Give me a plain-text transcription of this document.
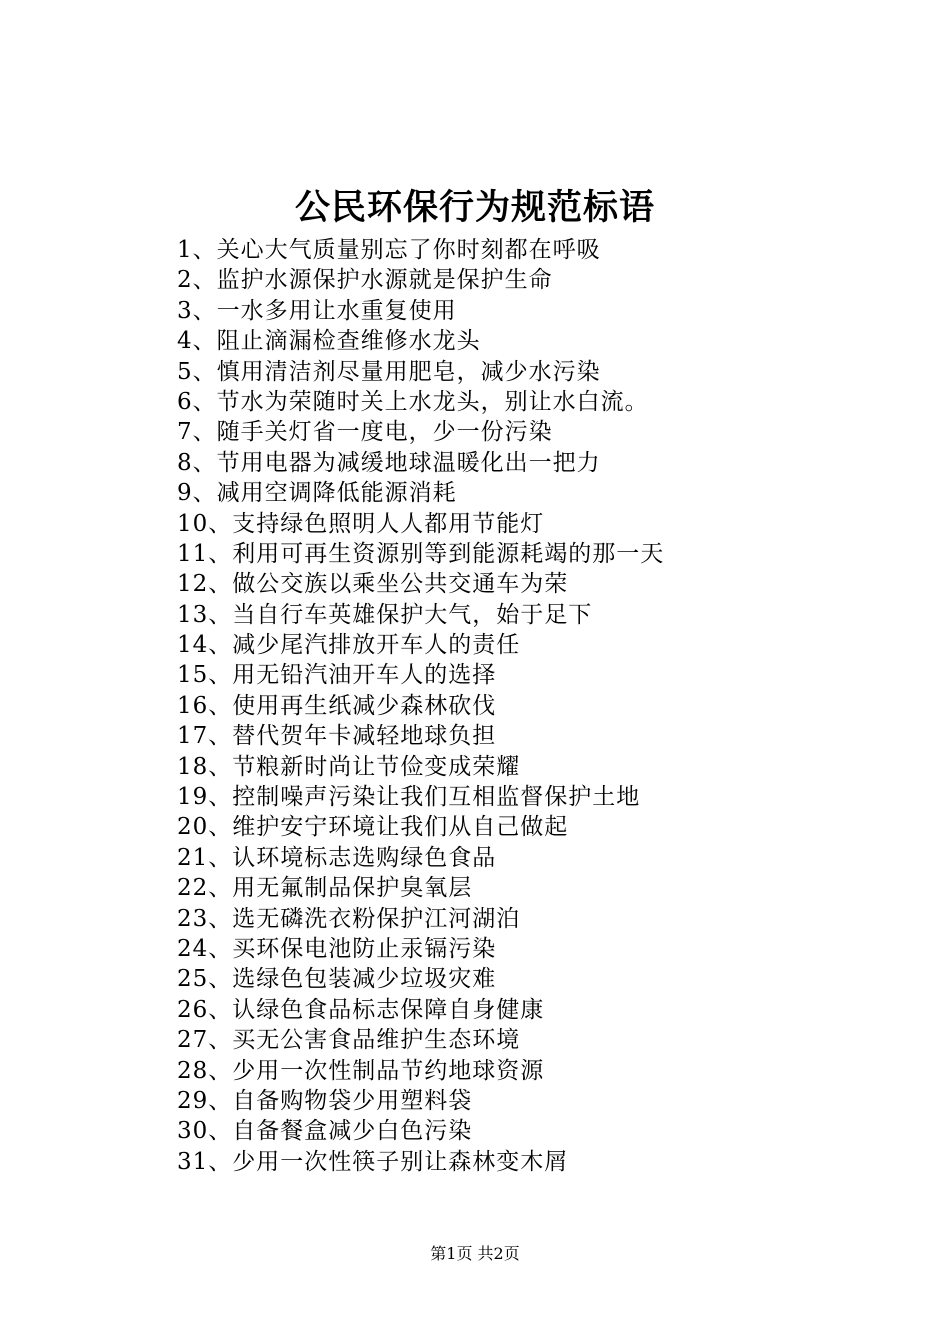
公民环保行为规范标语
1、关心大气质量别忘了你时刻都在呼吸
2、监护水源保护水源就是保护生命
3、一水多用让水重复使用
4、阻止滴漏检查维修水龙头
5、慎用清洁剂尽量用肥皂，减少水污染
6、节水为荣随时关上水龙头，别让水白流。
7、随手关灯省一度电，少一份污染
8、节用电器为减缓地球温暖化出一把力
9、减用空调降低能源消耗
10、支持绿色照明人人都用节能灯
11、利用可再生资源别等到能源耗竭的那一天
12、做公交族以乘坐公共交通车为荣
13、当自行车英雄保护大气，始于足下
14、减少尾汽排放开车人的责任
15、用无铅汽油开车人的选择
16、使用再生纸减少森林砍伐
17、替代贺年卡减轻地球负担
18、节粮新时尚让节俭变成荣耀
19、控制噪声污染让我们互相监督保护土地
20、维护安宁环境让我们从自己做起
21、认环境标志选购绿色食品
22、用无氟制品保护臭氧层
23、选无磷洗衣粉保护江河湖泊
24、买环保电池防止汞镉污染
25、选绿色包装减少垃圾灾难
26、认绿色食品标志保障自身健康
27、买无公害食品维护生态环境
28、少用一次性制品节约地球资源
29、自备购物袋少用塑料袋
30、自备餐盒减少白色污染
31、少用一次性筷子别让森林变木屑
第1页 共2页
